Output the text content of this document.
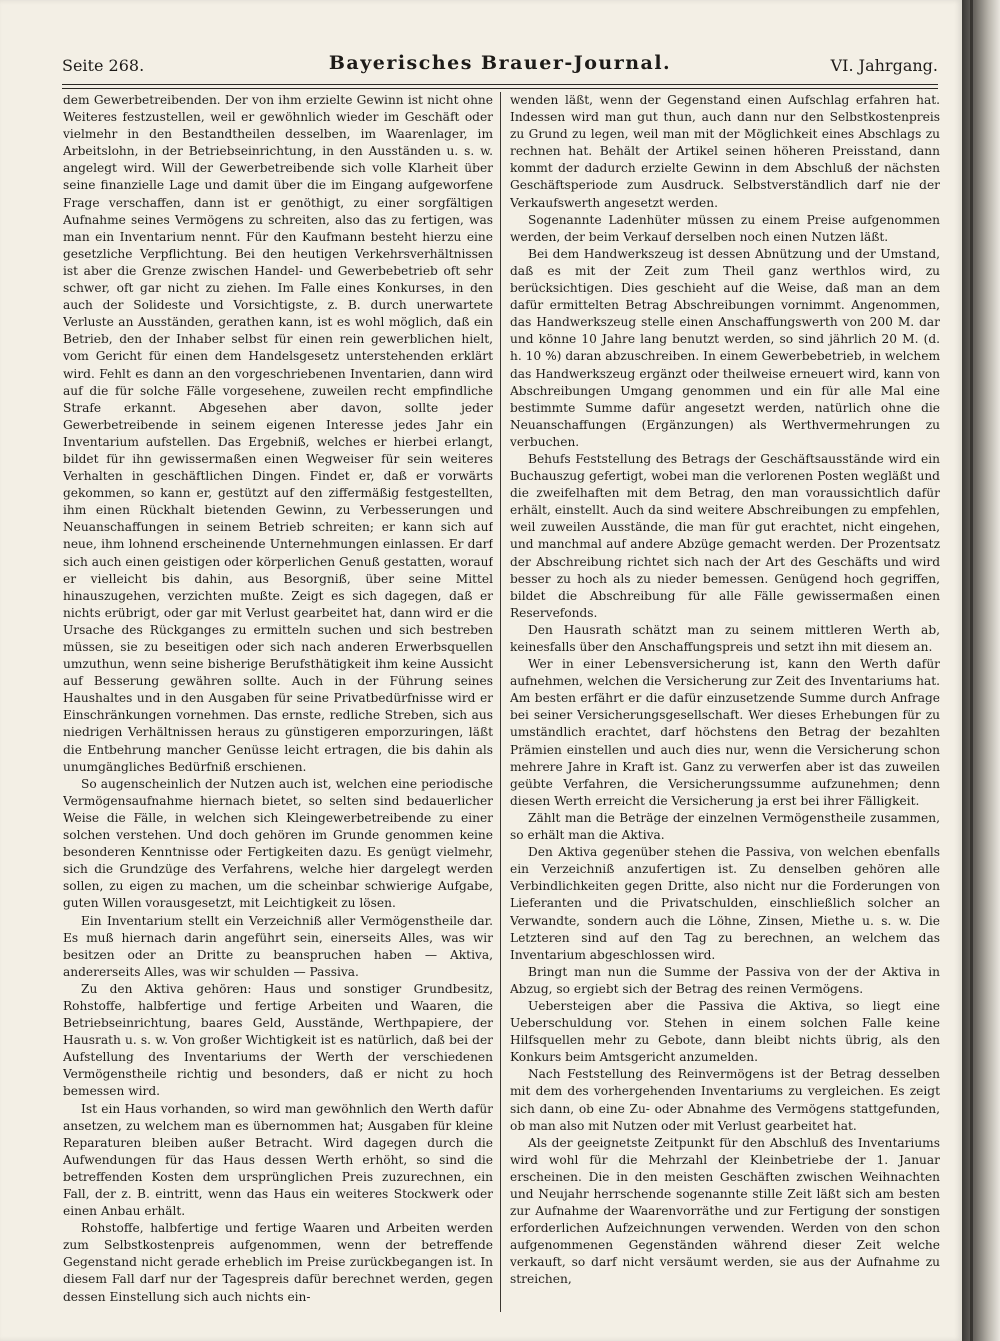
Seite 268.	Bayerisches Brauer-Journal.	VI. Jahrgang.

dem Gewerbetreibenden. Der von ihm erzielte Gewinn ist nicht ohne Weiteres festzustellen, weil er gewöhnlich wieder im Geschäft oder vielmehr in den Bestandtheilen desselben, im Waarenlager, im Arbeitslohn, in der Betriebseinrichtung, in den Ausständen u. s. w. angelegt wird. Will der Gewerbetreibende sich volle Klarheit über seine finanzielle Lage und damit über die im Eingang aufgeworfene Frage verschaffen, dann ist er genöthigt, zu einer sorgfältigen Aufnahme seines Vermögens zu schreiten, also das zu fertigen, was man ein Inventarium nennt. Für den Kaufmann besteht hierzu eine gesetzliche Verpflichtung. Bei den heutigen Verkehrsverhältnissen ist aber die Grenze zwischen Handel- und Gewerbebetrieb oft sehr schwer, oft gar nicht zu ziehen. Im Falle eines Konkurses, in den auch der Solideste und Vorsichtigste, z. B. durch unerwartete Verluste an Ausständen, gerathen kann, ist es wohl möglich, daß ein Betrieb, den der Inhaber selbst für einen rein gewerblichen hielt, vom Gericht für einen dem Handelsgesetz unterstehenden erklärt wird. Fehlt es dann an den vorgeschriebenen Inventarien, dann wird auf die für solche Fälle vorgesehene, zuweilen recht empfindliche Strafe erkannt. Abgesehen aber davon, sollte jeder Gewerbetreibende in seinem eigenen Interesse jedes Jahr ein Inventarium aufstellen. Das Ergebniß, welches er hierbei erlangt, bildet für ihn gewissermaßen einen Wegweiser für sein weiteres Verhalten in geschäftlichen Dingen. Findet er, daß er vorwärts gekommen, so kann er, gestützt auf den ziffermäßig festgestellten, ihm einen Rückhalt bietenden Gewinn, zu Verbesserungen und Neuanschaffungen in seinem Betrieb schreiten; er kann sich auf neue, ihm lohnend erscheinende Unternehmungen einlassen. Er darf sich auch einen geistigen oder körperlichen Genuß gestatten, worauf er vielleicht bis dahin, aus Besorgniß, über seine Mittel hinauszugehen, verzichten mußte. Zeigt es sich dagegen, daß er nichts erübrigt, oder gar mit Verlust gearbeitet hat, dann wird er die Ursache des Rückganges zu ermitteln suchen und sich bestreben müssen, sie zu beseitigen oder sich nach anderen Erwerbsquellen umzuthun, wenn seine bisherige Berufsthätigkeit ihm keine Aussicht auf Besserung gewähren sollte. Auch in der Führung seines Haushaltes und in den Ausgaben für seine Privatbedürfnisse wird er Einschränkungen vornehmen. Das ernste, redliche Streben, sich aus niedrigen Verhältnissen heraus zu günstigeren emporzuringen, läßt die Entbehrung mancher Genüsse leicht ertragen, die bis dahin als unumgängliches Bedürfniß erschienen.

So augenscheinlich der Nutzen auch ist, welchen eine periodische Vermögensaufnahme hiernach bietet, so selten sind bedauerlicher Weise die Fälle, in welchen sich Kleingewerbetreibende zu einer solchen verstehen. Und doch gehören im Grunde genommen keine besonderen Kenntnisse oder Fertigkeiten dazu. Es genügt vielmehr, sich die Grundzüge des Verfahrens, welche hier dargelegt werden sollen, zu eigen zu machen, um die scheinbar schwierige Aufgabe, guten Willen vorausgesetzt, mit Leichtigkeit zu lösen.

Ein Inventarium stellt ein Verzeichniß aller Vermögenstheile dar. Es muß hiernach darin angeführt sein, einerseits Alles, was wir besitzen oder an Dritte zu beanspruchen haben — Aktiva, andererseits Alles, was wir schulden — Passiva.

Zu den Aktiva gehören: Haus und sonstiger Grundbesitz, Rohstoffe, halbfertige und fertige Arbeiten und Waaren, die Betriebseinrichtung, baares Geld, Ausstände, Werthpapiere, der Hausrath u. s. w. Von großer Wichtigkeit ist es natürlich, daß bei der Aufstellung des Inventariums der Werth der verschiedenen Vermögenstheile richtig und besonders, daß er nicht zu hoch bemessen wird.

Ist ein Haus vorhanden, so wird man gewöhnlich den Werth dafür ansetzen, zu welchem man es übernommen hat; Ausgaben für kleine Reparaturen bleiben außer Betracht. Wird dagegen durch die Aufwendungen für das Haus dessen Werth erhöht, so sind die betreffenden Kosten dem ursprünglichen Preis zuzurechnen, ein Fall, der z. B. eintritt, wenn das Haus ein weiteres Stockwerk oder einen Anbau erhält.

Rohstoffe, halbfertige und fertige Waaren und Arbeiten werden zum Selbstkostenpreis aufgenommen, wenn der betreffende Gegenstand nicht gerade erheblich im Preise zurückbegangen ist. In diesem Fall darf nur der Tagespreis dafür berechnet werden, gegen dessen Einstellung sich auch nichts ein-

wenden läßt, wenn der Gegenstand einen Aufschlag erfahren hat. Indessen wird man gut thun, auch dann nur den Selbstkostenpreis zu Grund zu legen, weil man mit der Möglichkeit eines Abschlags zu rechnen hat. Behält der Artikel seinen höheren Preisstand, dann kommt der dadurch erzielte Gewinn in dem Abschluß der nächsten Geschäftsperiode zum Ausdruck. Selbstverständlich darf nie der Verkaufswerth angesetzt werden.

Sogenannte Ladenhüter müssen zu einem Preise aufgenommen werden, der beim Verkauf derselben noch einen Nutzen läßt.

Bei dem Handwerkszeug ist dessen Abnützung und der Umstand, daß es mit der Zeit zum Theil ganz werthlos wird, zu berücksichtigen. Dies geschieht auf die Weise, daß man an dem dafür ermittelten Betrag Abschreibungen vornimmt. Angenommen, das Handwerkszeug stelle einen Anschaffungswerth von 200 M. dar und könne 10 Jahre lang benutzt werden, so sind jährlich 20 M. (d. h. 10 %) daran abzuschreiben. In einem Gewerbebetrieb, in welchem das Handwerkszeug ergänzt oder theilweise erneuert wird, kann von Abschreibungen Umgang genommen und ein für alle Mal eine bestimmte Summe dafür angesetzt werden, natürlich ohne die Neuanschaffungen (Ergänzungen) als Werthvermehrungen zu verbuchen.

Behufs Feststellung des Betrags der Geschäftsausstände wird ein Buchauszug gefertigt, wobei man die verlorenen Posten wegläßt und die zweifelhaften mit dem Betrag, den man voraussichtlich dafür erhält, einstellt. Auch da sind weitere Abschreibungen zu empfehlen, weil zuweilen Ausstände, die man für gut erachtet, nicht eingehen, und manchmal auf andere Abzüge gemacht werden. Der Prozentsatz der Abschreibung richtet sich nach der Art des Geschäfts und wird besser zu hoch als zu nieder bemessen. Genügend hoch gegriffen, bildet die Abschreibung für alle Fälle gewissermaßen einen Reservefonds.

Den Hausrath schätzt man zu seinem mittleren Werth ab, keinesfalls über den Anschaffungspreis und setzt ihn mit diesem an.

Wer in einer Lebensversicherung ist, kann den Werth dafür aufnehmen, welchen die Versicherung zur Zeit des Inventariums hat. Am besten erfährt er die dafür einzusetzende Summe durch Anfrage bei seiner Versicherungsgesellschaft. Wer dieses Erhebungen für zu umständlich erachtet, darf höchstens den Betrag der bezahlten Prämien einstellen und auch dies nur, wenn die Versicherung schon mehrere Jahre in Kraft ist. Ganz zu verwerfen aber ist das zuweilen geübte Verfahren, die Versicherungssumme aufzunehmen; denn diesen Werth erreicht die Versicherung ja erst bei ihrer Fälligkeit.

Zählt man die Beträge der einzelnen Vermögenstheile zusammen, so erhält man die Aktiva.

Den Aktiva gegenüber stehen die Passiva, von welchen ebenfalls ein Verzeichniß anzufertigen ist. Zu denselben gehören alle Verbindlichkeiten gegen Dritte, also nicht nur die Forderungen von Lieferanten und die Privatschulden, einschließlich solcher an Verwandte, sondern auch die Löhne, Zinsen, Miethe u. s. w. Die Letzteren sind auf den Tag zu berechnen, an welchem das Inventarium abgeschlossen wird.

Bringt man nun die Summe der Passiva von der der Aktiva in Abzug, so ergiebt sich der Betrag des reinen Vermögens.

Uebersteigen aber die Passiva die Aktiva, so liegt eine Ueberschuldung vor. Stehen in einem solchen Falle keine Hilfsquellen mehr zu Gebote, dann bleibt nichts übrig, als den Konkurs beim Amtsgericht anzumelden.

Nach Feststellung des Reinvermögens ist der Betrag desselben mit dem des vorhergehenden Inventariums zu vergleichen. Es zeigt sich dann, ob eine Zu- oder Abnahme des Vermögens stattgefunden, ob man also mit Nutzen oder mit Verlust gearbeitet hat.

Als der geeignetste Zeitpunkt für den Abschluß des Inventariums wird wohl für die Mehrzahl der Kleinbetriebe der 1. Januar erscheinen. Die in den meisten Geschäften zwischen Weihnachten und Neujahr herrschende sogenannte stille Zeit läßt sich am besten zur Aufnahme der Waarenvorräthe und zur Fertigung der sonstigen erforderlichen Aufzeichnungen verwenden. Werden von den schon aufgenommenen Gegenständen während dieser Zeit welche verkauft, so darf nicht versäumt werden, sie aus der Aufnahme zu streichen,
